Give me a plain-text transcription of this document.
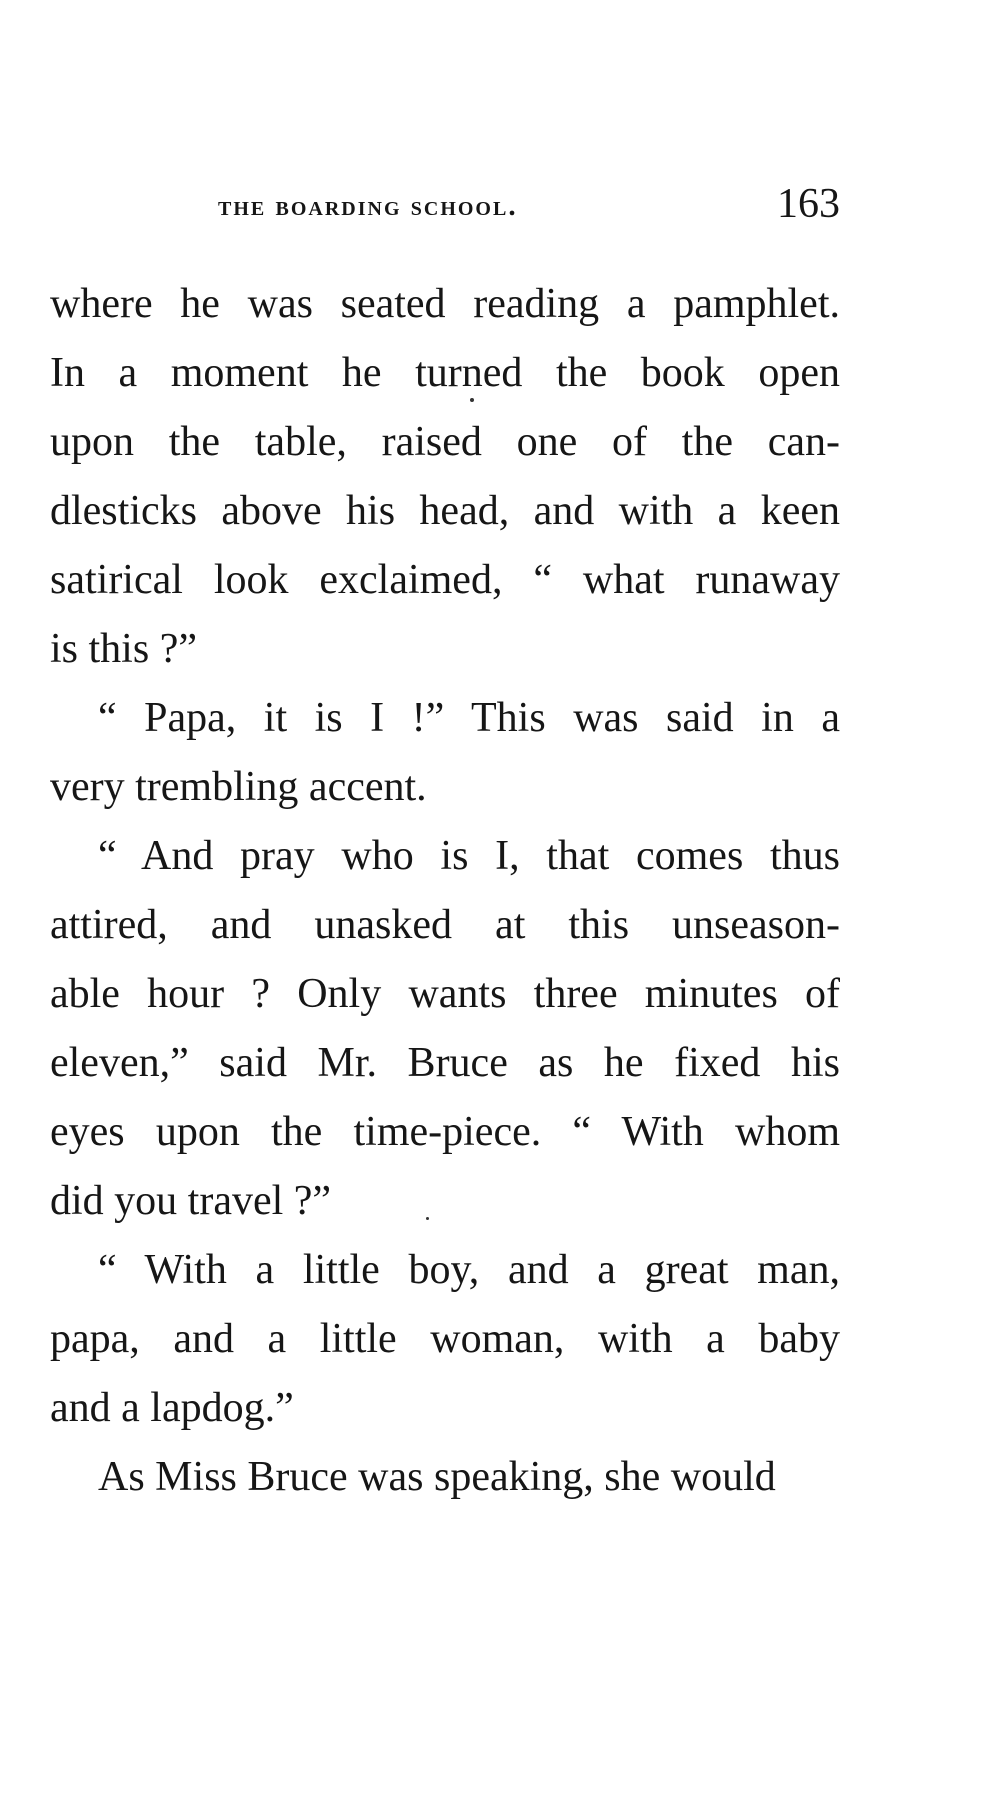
the boarding school.	163
where he was seated reading a pamphlet.
In a moment he turned the book open
upon the table, raised one of the can-
dlesticks above his head, and with a keen
satirical look exclaimed, “ what runaway
is this ?”
“ Papa, it is I !” This was said in a
very trembling accent.
“ And pray who is I, that comes thus
attired, and unasked at this unseason-
able hour ? Only wants three minutes of
eleven,” said Mr. Bruce as he fixed his
eyes upon the time-piece. “ With whom
did you travel ?”
“ With a little boy, and a great man,
papa, and a little woman, with a baby
and a lapdog.”
As Miss Bruce was speaking, she would
